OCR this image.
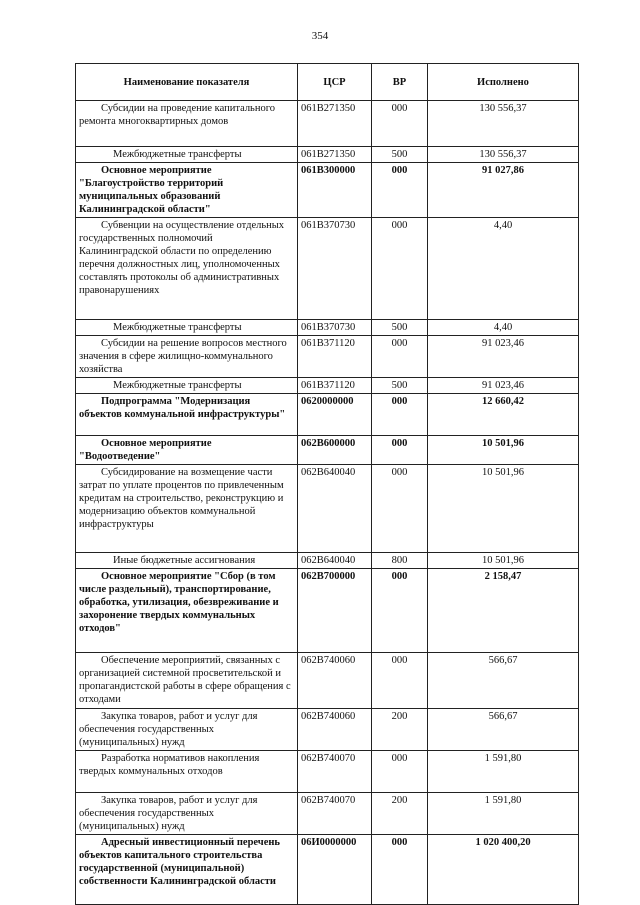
354
Наименование показателя	ЦСР	ВР	Исполнено
Субсидии на проведение капитального ремонта многоквартирных домов	061В271350	000	130 556,37
Межбюджетные трансферты	061В271350	500	130 556,37
Основное мероприятие "Благоустройство территорий муниципальных образований Калининградской области"	061В300000	000	91 027,86
Субвенции на осуществление отдельных государственных полномочий Калининградской области по определению перечня должностных лиц, уполномоченных составлять протоколы об административных правонарушениях	061В370730	000	4,40
Межбюджетные трансферты	061В370730	500	4,40
Субсидии на решение вопросов местного значения в сфере жилищно-коммунального хозяйства	061В371120	000	91 023,46
Межбюджетные трансферты	061В371120	500	91 023,46
Подпрограмма "Модернизация объектов коммунальной инфраструктуры"	0620000000	000	12 660,42
Основное мероприятие "Водоотведение"	062В600000	000	10 501,96
Субсидирование на возмещение части затрат по уплате процентов по привлеченным кредитам на строительство, реконструкцию и модернизацию объектов коммунальной инфраструктуры	062В640040	000	10 501,96
Иные бюджетные ассигнования	062В640040	800	10 501,96
Основное мероприятие "Сбор (в том числе раздельный), транспортирование, обработка, утилизация, обезвреживание и захоронение твердых коммунальных отходов"	062В700000	000	2 158,47
Обеспечение мероприятий, связанных с организацией системной просветительской и пропагандистской работы в сфере обращения с отходами	062В740060	000	566,67
Закупка товаров, работ и услуг для обеспечения государственных (муниципальных) нужд	062В740060	200	566,67
Разработка нормативов накопления твердых коммунальных отходов	062В740070	000	1 591,80
Закупка товаров, работ и услуг для обеспечения государственных (муниципальных) нужд	062В740070	200	1 591,80
Адресный инвестиционный перечень объектов капитального строительства государственной (муниципальной) собственности Калининградской области	06И0000000	000	1 020 400,20
